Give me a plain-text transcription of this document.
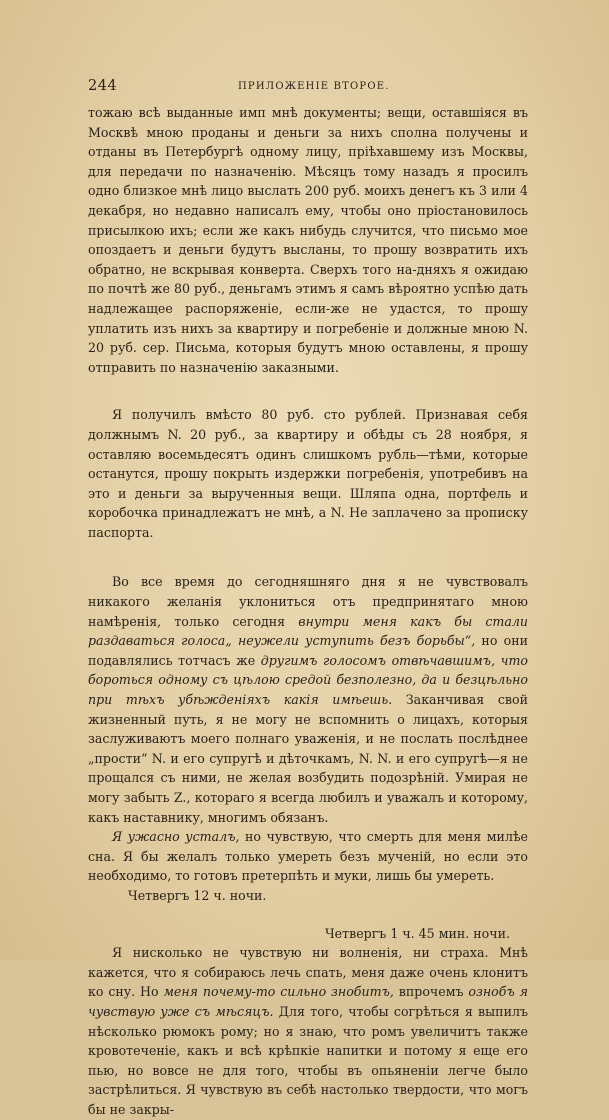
244	ПРИЛОЖЕНІЕ ВТОРОЕ.

тожаю всѣ выданные имп мнѣ документы; вещи, оставшіяся въ Москвѣ мною проданы и деньги за нихъ сполна получены и отданы въ Петербургѣ одному лицу, пріѣхавшему изъ Москвы, для передачи по назначенію. Мѣсяцъ тому назадъ я просилъ одно близкое мнѣ лицо выслать 200 руб. моихъ денегъ къ 3 или 4 декабря, но недавно написалъ ему, чтобы оно пріостановилось присылкою ихъ; если же какъ нибудь случится, что письмо мое опоздаетъ и деньги будутъ высланы, то прошу возвратить ихъ обратно, не вскрывая конверта. Сверхъ того на-дняхъ я ожидаю по почтѣ же 80 руб., деньгамъ этимъ я самъ вѣроятно успѣю дать надлежащее распоряженіе, если-же не удастся, то прошу уплатить изъ нихъ за квартиру и погребеніе и должные мною N. 20 руб. сер. Письма, которыя будутъ мною оставлены, я прошу отправить по назначенію заказными.

Я получилъ вмѣсто 80 руб. сто рублей. Признавая себя должнымъ N. 20 руб., за квартиру и обѣды съ 28 ноября, я оставляю восемьдесятъ одинъ слишкомъ рубль—тѣми, которые останутся, прошу покрыть издержки погребенія, употребивъ на это и деньги за вырученныя вещи. Шляпа одна, портфель и коробочка принадлежатъ не мнѣ, а N. Не заплачено за прописку паспорта.

Во все время до сегодняшняго дня я не чувствовалъ никакого желанія уклониться отъ предпринятаго мною намѣренія, только сегодня внутри меня какъ бы стали раздаваться голоса„ неужели уступить безъ борьбы“, но они подавлялись тотчасъ же другимъ голосомъ отвѣчавшимъ, что бороться одному съ цѣлою средой безполезно, да и безцѣльно при тѣхъ убѣжденіяхъ какія имѣешь. Заканчивая свой жизненный путь, я не могу не вспомнить о лицахъ, которыя заслуживаютъ моего полнаго уваженія, и не послать послѣднее „прости“ N. и его супругѣ и дѣточкамъ, N. N. и его супругѣ—я не прощался съ ними, не желая возбудить подозрѣній. Умирая не могу забыть Z., котораго я всегда любилъ и уважалъ и которому, какъ наставнику, многимъ обязанъ.

Я ужасно усталъ, но чувствую, что смерть для меня милѣе сна. Я бы желалъ только умереть безъ мученій, но если это необходимо, то готовъ претерпѣть и муки, лишь бы умереть.

Четвергъ 12 ч. ночи.

Четвергъ 1 ч. 45 мин. ночи.

Я нисколько не чувствую ни волненія, ни страха. Мнѣ кажется, что я собираюсь лечь спать, меня даже очень клонитъ ко сну. Но меня почему-то сильно знобитъ, впрочемъ ознобъ я чувствую уже съ мѣсяцъ. Для того, чтобы согрѣться я выпилъ нѣсколько рюмокъ рому; но я знаю, что ромъ увеличитъ также кровотеченіе, какъ и всѣ крѣпкіе напитки и потому я еще его пью, но вовсе не для того, чтобы въ опьяненіи легче было застрѣлиться. Я чувствую въ себѣ настолько твердости, что могъ бы не закры-
